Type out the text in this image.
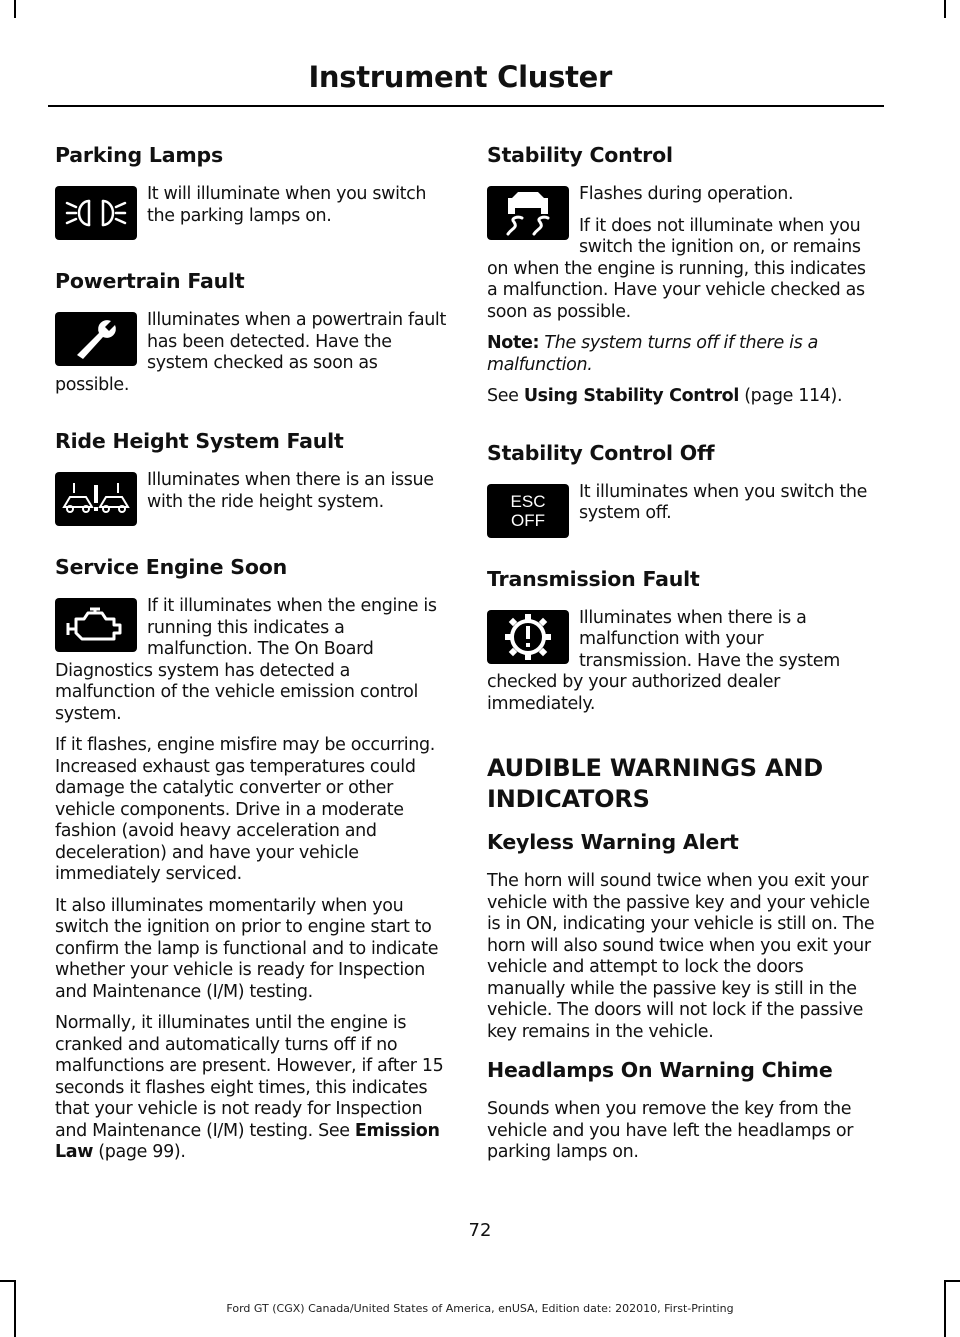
Instrument Cluster
Parking Lamps

It will illuminate when you switch the parking lamps on.

Powertrain Fault

Illuminates when a powertrain fault has been detected. Have the system checked as soon as possible.

Ride Height System Fault

Illuminates when there is an issue with the ride height system.

Service Engine Soon

If it illuminates when the engine is running this indicates a malfunction. The On Board Diagnostics system has detected a malfunction of the vehicle emission control system.

If it flashes, engine misfire may be occurring. Increased exhaust gas temperatures could damage the catalytic converter or other vehicle components. Drive in a moderate fashion (avoid heavy acceleration and deceleration) and have your vehicle immediately serviced.

It also illuminates momentarily when you switch the ignition on prior to engine start to confirm the lamp is functional and to indicate whether your vehicle is ready for Inspection and Maintenance (I/M) testing.

Normally, it illuminates until the engine is cranked and automatically turns off if no malfunctions are present. However, if after 15 seconds it flashes eight times, this indicates that your vehicle is not ready for Inspection and Maintenance (I/M) testing. See Emission Law (page 99).

Stability Control

Flashes during operation.

If it does not illuminate when you switch the ignition on, or remains on when the engine is running, this indicates a malfunction. Have your vehicle checked as soon as possible.

Note: The system turns off if there is a malfunction.

See Using Stability Control (page 114).

Stability Control Off
ESC
OFF

It illuminates when you switch the system off.

Transmission Fault

Illuminates when there is a malfunction with your transmission. Have the system checked by your authorized dealer immediately.

AUDIBLE WARNINGS AND INDICATORS
Keyless Warning Alert

The horn will sound twice when you exit your vehicle with the passive key and your vehicle is in ON, indicating your vehicle is still on. The horn will also sound twice when you exit your vehicle and attempt to lock the doors manually while the passive key is still in the vehicle. The doors will not lock if the passive key remains in the vehicle.

Headlamps On Warning Chime

Sounds when you remove the key from the vehicle and you have left the headlamps or parking lamps on.

72
Ford GT (CGX) Canada/United States of America, enUSA, Edition date: 202010, First-Printing
